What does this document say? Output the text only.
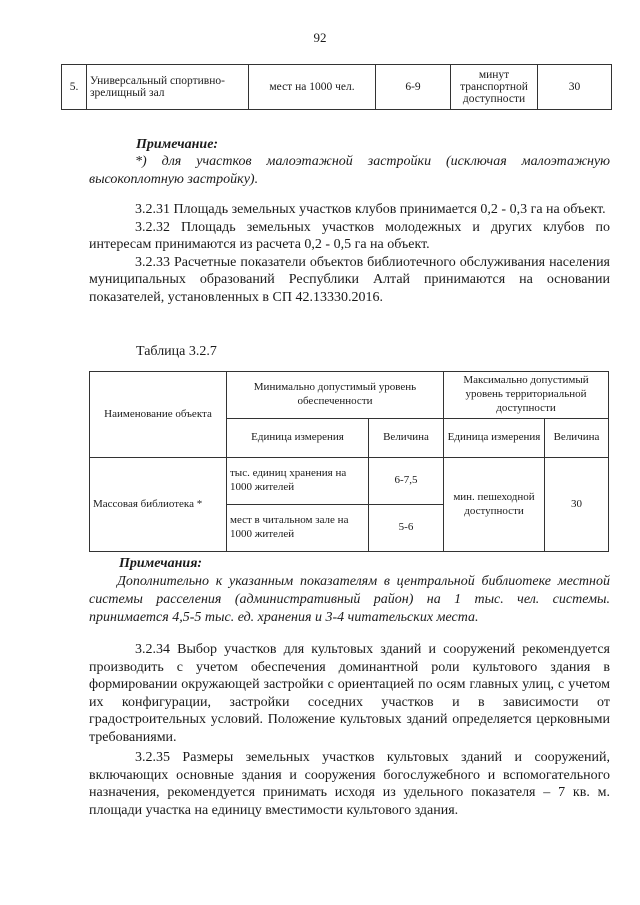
92
5.	Универсальный спортивно-зрелищный зал	мест на 1000 чел.	6-9	минут транспортной доступности	30
Примечание:
*) для участков малоэтажной застройки (исключая малоэтажную высокоплотную застройку).

3.2.31 Площадь земельных участков клубов принимается 0,2 - 0,3 га на объект.

3.2.32 Площадь земельных участков молодежных и других клубов по интересам принимаются из расчета 0,2 - 0,5 га на объект.

3.2.33 Расчетные показатели объектов библиотечного обслуживания населения муниципальных образований Республики Алтай принимаются на основании показателей, установленных в СП 42.13330.2016.

Таблица 3.2.7
Наименование объекта	Минимально допустимый уровень обеспеченности		Максимально допустимый уровень территориальной доступности	
	Единица измерения	Величина	Единица измерения	Величина
Массовая библиотека *	тыс. единиц хранения на 1000 жителей	6-7,5	мин. пешеходной доступности	30
	мест в читальном зале на 1000 жителей	5-6		
Примечания:
Дополнительно к указанным показателям в центральной библиотеке местной системы расселения (административный район) на 1 тыс. чел. системы. принимается 4,5-5 тыс. ед. хранения и 3-4 читательских места.

3.2.34 Выбор участков для культовых зданий и сооружений рекомендуется производить с учетом обеспечения доминантной роли культового здания в формировании окружающей застройки с ориентацией по осям главных улиц, с учетом их конфигурации, застройки соседних участков и в зависимости от градостроительных условий. Положение культовых зданий определяется церковными требованиями.

3.2.35 Размеры земельных участков культовых зданий и сооружений, включающих основные здания и сооружения богослужебного и вспомогательного назначения, рекомендуется принимать исходя из удельного показателя – 7 кв. м. площади участка на единицу вместимости культового здания.
